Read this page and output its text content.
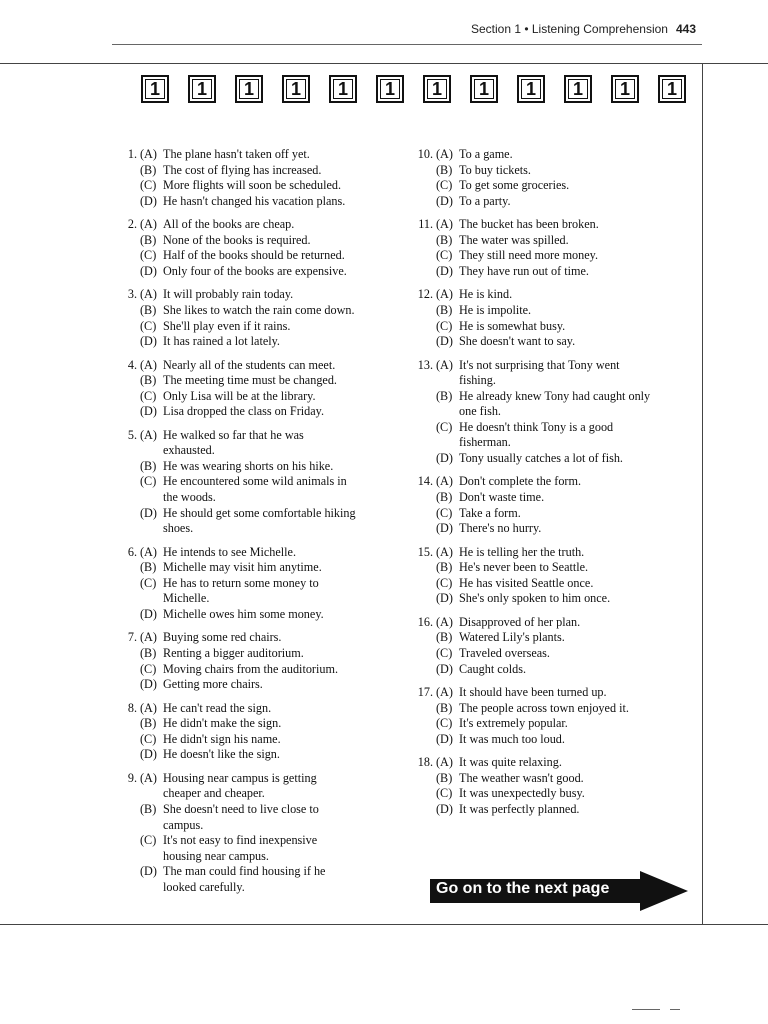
Section 1 • Listening Comprehension 443
1	1	1	1	1	1	1	1	1	1	1	1
1. (A) The plane hasn't taken off yet.
(B) The cost of flying has increased.
(C) More flights will soon be scheduled.
(D) He hasn't changed his vacation plans.
2. (A) All of the books are cheap.
(B) None of the books is required.
(C) Half of the books should be returned.
(D) Only four of the books are expensive.
3. (A) It will probably rain today.
(B) She likes to watch the rain come down.
(C) She'll play even if it rains.
(D) It has rained a lot lately.
4. (A) Nearly all of the students can meet.
(B) The meeting time must be changed.
(C) Only Lisa will be at the library.
(D) Lisa dropped the class on Friday.
5. (A) He walked so far that he was
exhausted.
(B) He was wearing shorts on his hike.
(C) He encountered some wild animals in
the woods.
(D) He should get some comfortable hiking
shoes.
6. (A) He intends to see Michelle.
(B) Michelle may visit him anytime.
(C) He has to return some money to
Michelle.
(D) Michelle owes him some money.
7. (A) Buying some red chairs.
(B) Renting a bigger auditorium.
(C) Moving chairs from the auditorium.
(D) Getting more chairs.
8. (A) He can't read the sign.
(B) He didn't make the sign.
(C) He didn't sign his name.
(D) He doesn't like the sign.
9. (A) Housing near campus is getting
cheaper and cheaper.
(B) She doesn't need to live close to
campus.
(C) It's not easy to find inexpensive
housing near campus.
(D) The man could find housing if he
looked carefully.
10. (A) To a game.
(B) To buy tickets.
(C) To get some groceries.
(D) To a party.
11. (A) The bucket has been broken.
(B) The water was spilled.
(C) They still need more money.
(D) They have run out of time.
12. (A) He is kind.
(B) He is impolite.
(C) He is somewhat busy.
(D) She doesn't want to say.
13. (A) It's not surprising that Tony went
fishing.
(B) He already knew Tony had caught only
one fish.
(C) He doesn't think Tony is a good
fisherman.
(D) Tony usually catches a lot of fish.
14. (A) Don't complete the form.
(B) Don't waste time.
(C) Take a form.
(D) There's no hurry.
15. (A) He is telling her the truth.
(B) He's never been to Seattle.
(C) He has visited Seattle once.
(D) She's only spoken to him once.
16. (A) Disapproved of her plan.
(B) Watered Lily's plants.
(C) Traveled overseas.
(D) Caught colds.
17. (A) It should have been turned up.
(B) The people across town enjoyed it.
(C) It's extremely popular.
(D) It was much too loud.
18. (A) It was quite relaxing.
(B) The weather wasn't good.
(C) It was unexpectedly busy.
(D) It was perfectly planned.
Go on to the next page
